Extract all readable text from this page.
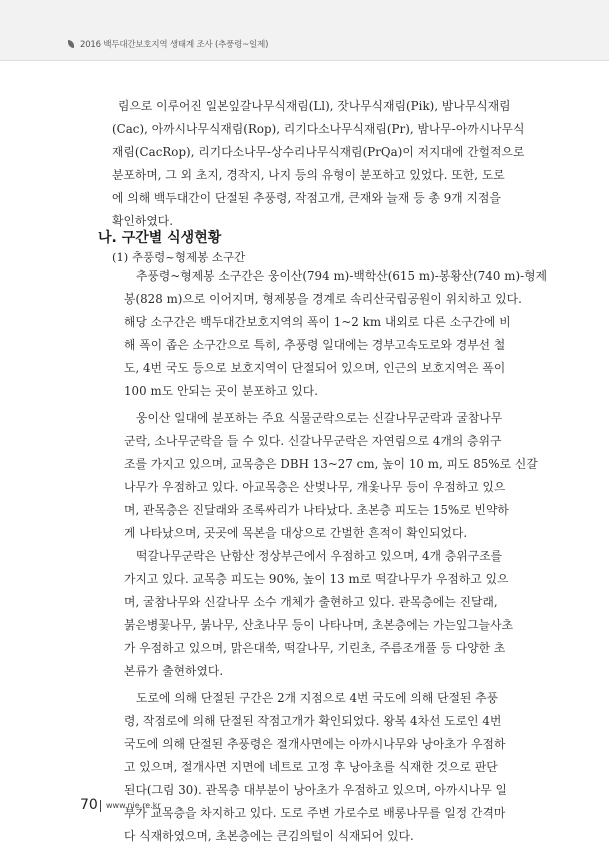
2016 백두대간보호지역 생태계 조사 (추풍령~일제)
림으로 이루어진 일본잎갈나무식재림(Ll), 잣나무식재림(Pik), 밤나무식재림
(Cac), 아까시나무식재림(Rop), 리기다소나무식재림(Pr), 밤나무-아까시나무식
재림(CacRop), 리기다소나무-상수리나무식재림(PrQa)이 저지대에 간헐적으로
분포하며, 그 외 초지, 경작지, 나지 등의 유형이 분포하고 있었다. 또한, 도로
에 의해 백두대간이 단절된 추풍령, 작점고개, 큰재와 늘재 등 총 9개 지점을
확인하였다.
나. 구간별 식생현황
(1) 추풍령~형제봉 소구간
추풍령~형제봉 소구간은 웅이산(794 m)-백학산(615 m)-봉황산(740 m)-형제
봉(828 m)으로 이어지며, 형제봉을 경계로 속리산국립공원이 위치하고 있다.
해당 소구간은 백두대간보호지역의 폭이 1~2 km 내외로 다른 소구간에 비
해 폭이 좁은 소구간으로 특히, 추풍령 일대에는 경부고속도로와 경부선 철
도, 4번 국도 등으로 보호지역이 단절되어 있으며, 인근의 보호지역은 폭이
100 m도 안되는 곳이 분포하고 있다.
웅이산 일대에 분포하는 주요 식물군락으로는 신갈나무군락과 굴참나무
군락, 소나무군락을 들 수 있다. 신갈나무군락은 자연림으로 4개의 층위구
조를 가지고 있으며, 교목층은 DBH 13~27 cm, 높이 10 m, 피도 85%로 신갈
나무가 우점하고 있다. 아교목층은 산벚나무, 개옻나무 등이 우점하고 있으
며, 관목층은 진달래와 조록싸리가 나타났다. 초본층 피도는 15%로 빈약하
게 나타났으며, 곳곳에 목본을 대상으로 간벌한 흔적이 확인되었다.
떡갈나무군락은 난함산 정상부근에서 우점하고 있으며, 4개 층위구조를
가지고 있다. 교목층 피도는 90%, 높이 13 m로 떡갈나무가 우점하고 있으
며, 굴참나무와 신갈나무 소수 개체가 출현하고 있다. 관목층에는 진달래,
붉은병꽃나무, 붉나무, 산초나무 등이 나타나며, 초본층에는 가는잎그늘사초
가 우점하고 있으며, 맑은대쑥, 떡갈나무, 기린초, 주름조개풀 등 다양한 초
본류가 출현하였다.
도로에 의해 단절된 구간은 2개 지점으로 4번 국도에 의해 단절된 추풍
령, 작점로에 의해 단절된 작점고개가 확인되었다. 왕복 4차선 도로인 4번
국도에 의해 단절된 추풍령은 절개사면에는 아까시나무와 낭아초가 우점하
고 있으며, 절개사면 지면에 네트로 고정 후 낭아초를 식재한 것으로 판단
된다(그림 30). 관목층 대부분이 낭아초가 우점하고 있으며, 아까시나무 일
부가 교목층을 차지하고 있다. 도로 주변 가로수로 배롱나무를 일정 간격마
다 식재하였으며, 초본층에는 큰김의털이 식재되어 있다.
70 www.nie.re.kr
